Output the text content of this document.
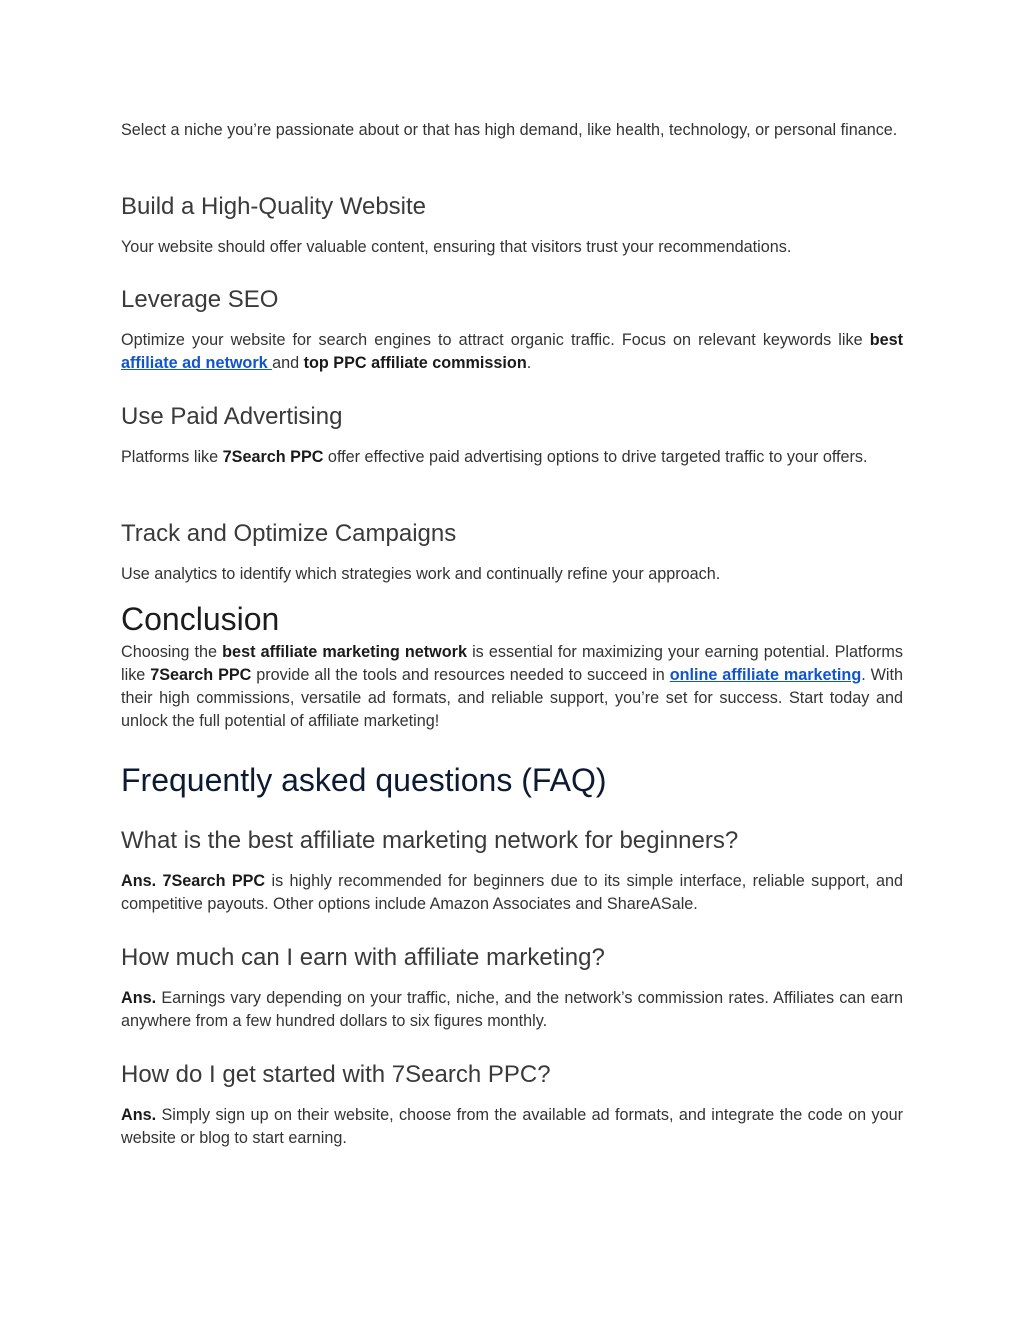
Select a niche you’re passionate about or that has high demand, like health, technology, or personal finance.

Build a High-Quality Website

Your website should offer valuable content, ensuring that visitors trust your recommendations.

Leverage SEO

Optimize your website for search engines to attract organic traffic. Focus on relevant keywords like best affiliate ad network and top PPC affiliate commission.

Use Paid Advertising

Platforms like 7Search PPC offer effective paid advertising options to drive targeted traffic to your offers.

Track and Optimize Campaigns

Use analytics to identify which strategies work and continually refine your approach.

Conclusion

Choosing the best affiliate marketing network is essential for maximizing your earning potential. Platforms like 7Search PPC provide all the tools and resources needed to succeed in online affiliate marketing. With their high commissions, versatile ad formats, and reliable support, you’re set for success. Start today and unlock the full potential of affiliate marketing!

Frequently asked questions (FAQ)
What is the best affiliate marketing network for beginners?

Ans. 7Search PPC is highly recommended for beginners due to its simple interface, reliable support, and competitive payouts. Other options include Amazon Associates and ShareASale.

How much can I earn with affiliate marketing?

Ans. Earnings vary depending on your traffic, niche, and the network’s commission rates. Affiliates can earn anywhere from a few hundred dollars to six figures monthly.

How do I get started with 7Search PPC?

Ans. Simply sign up on their website, choose from the available ad formats, and integrate the code on your website or blog to start earning.
